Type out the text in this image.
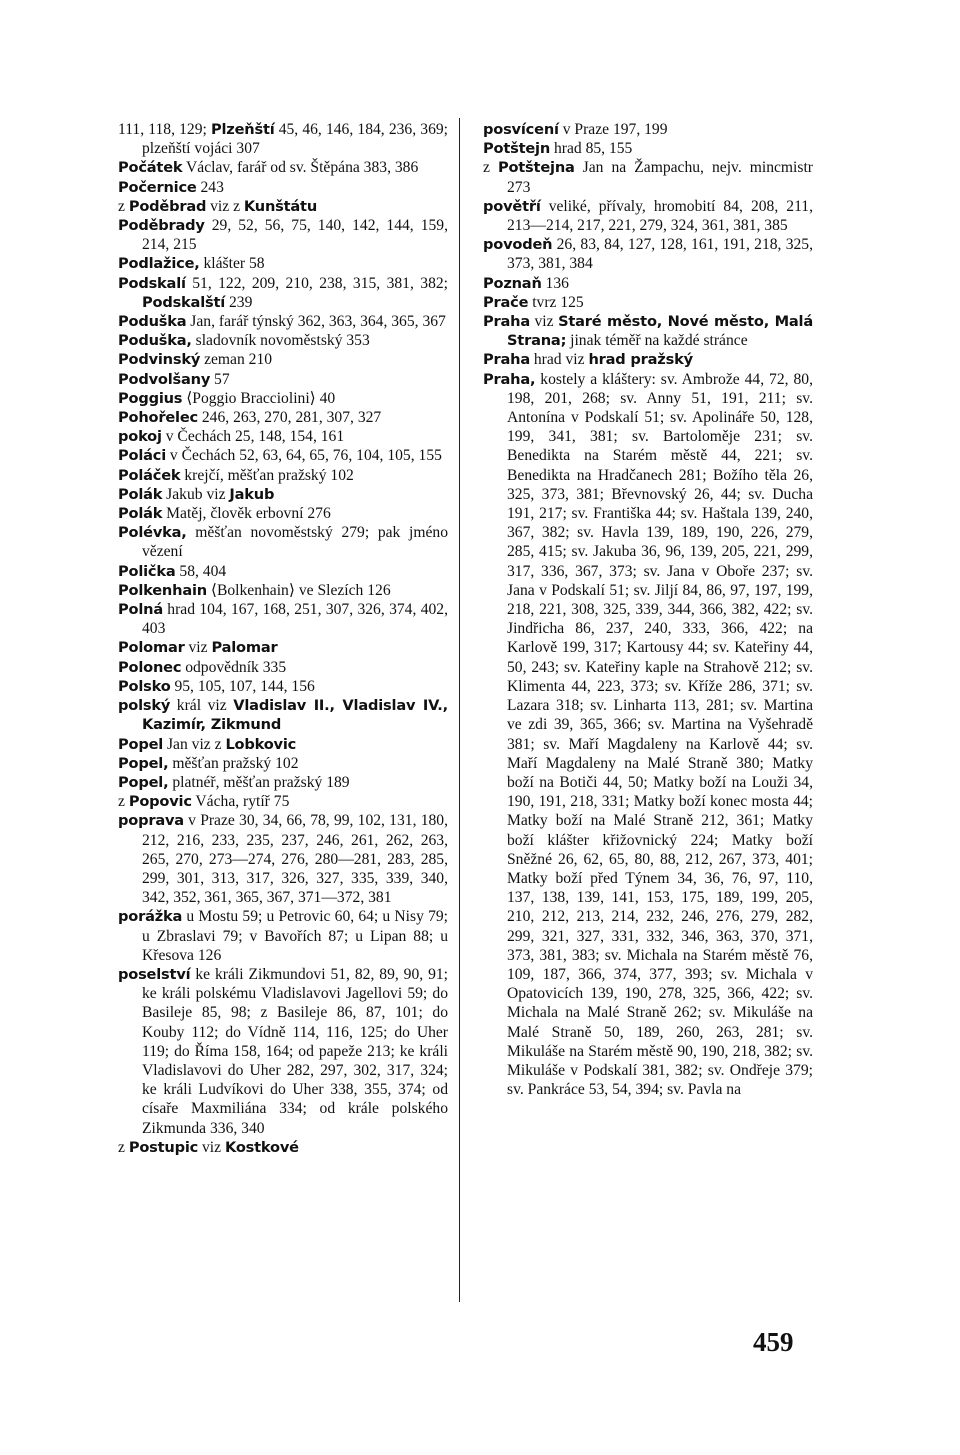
111, 118, 129; Plzeňští 45, 46, 146, 184, 236, 369; plzeňští vojáci 307
Počátek Václav, farář od sv. Štěpána 383, 386
Počernice 243
z Poděbrad viz z Kunštátu
Poděbrady 29, 52, 56, 75, 140, 142, 144, 159, 214, 215
Podlažice, klášter 58
Podskalí 51, 122, 209, 210, 238, 315, 381, 382; Podskalští 239
Poduška Jan, farář týnský 362, 363, 364, 365, 367
Poduška, sladovník novoměstský 353
Podvinský zeman 210
Podvolšany 57
Poggius ⟨Poggio Bracciolini⟩ 40
Pohořelec 246, 263, 270, 281, 307, 327
pokoj v Čechách 25, 148, 154, 161
Poláci v Čechách 52, 63, 64, 65, 76, 104, 105, 155
Poláček krejčí, měšťan pražský 102
Polák Jakub viz Jakub
Polák Matěj, člověk erbovní 276
Polévka, měšťan novoměstský 279; pak jméno vězení
Polička 58, 404
Polkenhain ⟨Bolkenhain⟩ ve Slezích 126
Polná hrad 104, 167, 168, 251, 307, 326, 374, 402, 403
Polomar viz Palomar
Polonec odpovědník 335
Polsko 95, 105, 107, 144, 156
polský král viz Vladislav II., Vladislav IV., Kazimír, Zikmund
Popel Jan viz z Lobkovic
Popel, měšťan pražský 102
Popel, platnéř, měšťan pražský 189
z Popovic Vácha, rytíř 75
poprava v Praze 30, 34, 66, 78, 99, 102, 131, 180, 212, 216, 233, 235, 237, 246, 261, 262, 263, 265, 270, 273—274, 276, 280—281, 283, 285, 299, 301, 313, 317, 326, 327, 335, 339, 340, 342, 352, 361, 365, 367, 371—372, 381
porážka u Mostu 59; u Petrovic 60, 64; u Nisy 79; u Zbraslavi 79; v Bavořích 87; u Lipan 88; u Křesova 126
poselství ke králi Zikmundovi 51, 82, 89, 90, 91; ke králi polskému Vladislavovi Jagellovi 59; do Basileje 85, 98; z Basileje 86, 87, 101; do Kouby 112; do Vídně 114, 116, 125; do Uher 119; do Říma 158, 164; od papeže 213; ke králi Vladislavovi do Uher 282, 297, 302, 317, 324; ke králi Ludvíkovi do Uher 338, 355, 374; od císaře Maxmiliána 334; od krále polského Zikmunda 336, 340
z Postupic viz Kostkové
posvícení v Praze 197, 199
Potštejn hrad 85, 155
z Potštejna Jan na Žampachu, nejv. mincmistr 273
povětří veliké, přívaly, hromobití 84, 208, 211, 213—214, 217, 221, 279, 324, 361, 381, 385
povodeň 26, 83, 84, 127, 128, 161, 191, 218, 325, 373, 381, 384
Poznaň 136
Prače tvrz 125
Praha viz Staré město, Nové město, Malá Strana; jinak téměř na každé stránce
Praha hrad viz hrad pražský
Praha, kostely a kláštery: sv. Ambrože 44, 72, 80, 198, 201, 268; sv. Anny 51, 191, 211; sv. Antonína v Podskalí 51; sv. Apolináře 50, 128, 199, 341, 381; sv. Bartoloměje 231; sv. Benedikta na Starém městě 44, 221; sv. Benedikta na Hradčanech 281; Božího těla 26, 325, 373, 381; Břevnovský 26, 44; sv. Ducha 191, 217; sv. Františka 44; sv. Haštala 139, 240, 367, 382; sv. Havla 139, 189, 190, 226, 279, 285, 415; sv. Jakuba 36, 96, 139, 205, 221, 299, 317, 336, 367, 373; sv. Jana v Oboře 237; sv. Jana v Podskalí 51; sv. Jiljí 84, 86, 97, 197, 199, 218, 221, 308, 325, 339, 344, 366, 382, 422; sv. Jindřicha 86, 237, 240, 333, 366, 422; na Karlově 199, 317; Kartousy 44; sv. Kateřiny 44, 50, 243; sv. Kateřiny kaple na Strahově 212; sv. Klimenta 44, 223, 373; sv. Kříže 286, 371; sv. Lazara 318; sv. Linharta 113, 281; sv. Martina ve zdi 39, 365, 366; sv. Martina na Vyšehradě 381; sv. Maří Magdaleny na Karlově 44; sv. Maří Magdaleny na Malé Straně 380; Matky boží na Botiči 44, 50; Matky boží na Louži 34, 190, 191, 218, 331; Matky boží konec mosta 44; Matky boží na Malé Straně 212, 361; Matky boží klášter křižovnický 224; Matky boží Sněžné 26, 62, 65, 80, 88, 212, 267, 373, 401; Matky boží před Týnem 34, 36, 76, 97, 110, 137, 138, 139, 141, 153, 175, 189, 199, 205, 210, 212, 213, 214, 232, 246, 276, 279, 282, 299, 321, 327, 331, 332, 346, 363, 370, 371, 373, 381, 383; sv. Michala na Starém městě 76, 109, 187, 366, 374, 377, 393; sv. Michala v Opatovicích 139, 190, 278, 325, 366, 422; sv. Michala na Malé Straně 262; sv. Mikuláše na Malé Straně 50, 189, 260, 263, 281; sv. Mikuláše na Starém městě 90, 190, 218, 382; sv. Mikuláše v Podskalí 381, 382; sv. Ondřeje 379; sv. Pankráce 53, 54, 394; sv. Pavla na
459
